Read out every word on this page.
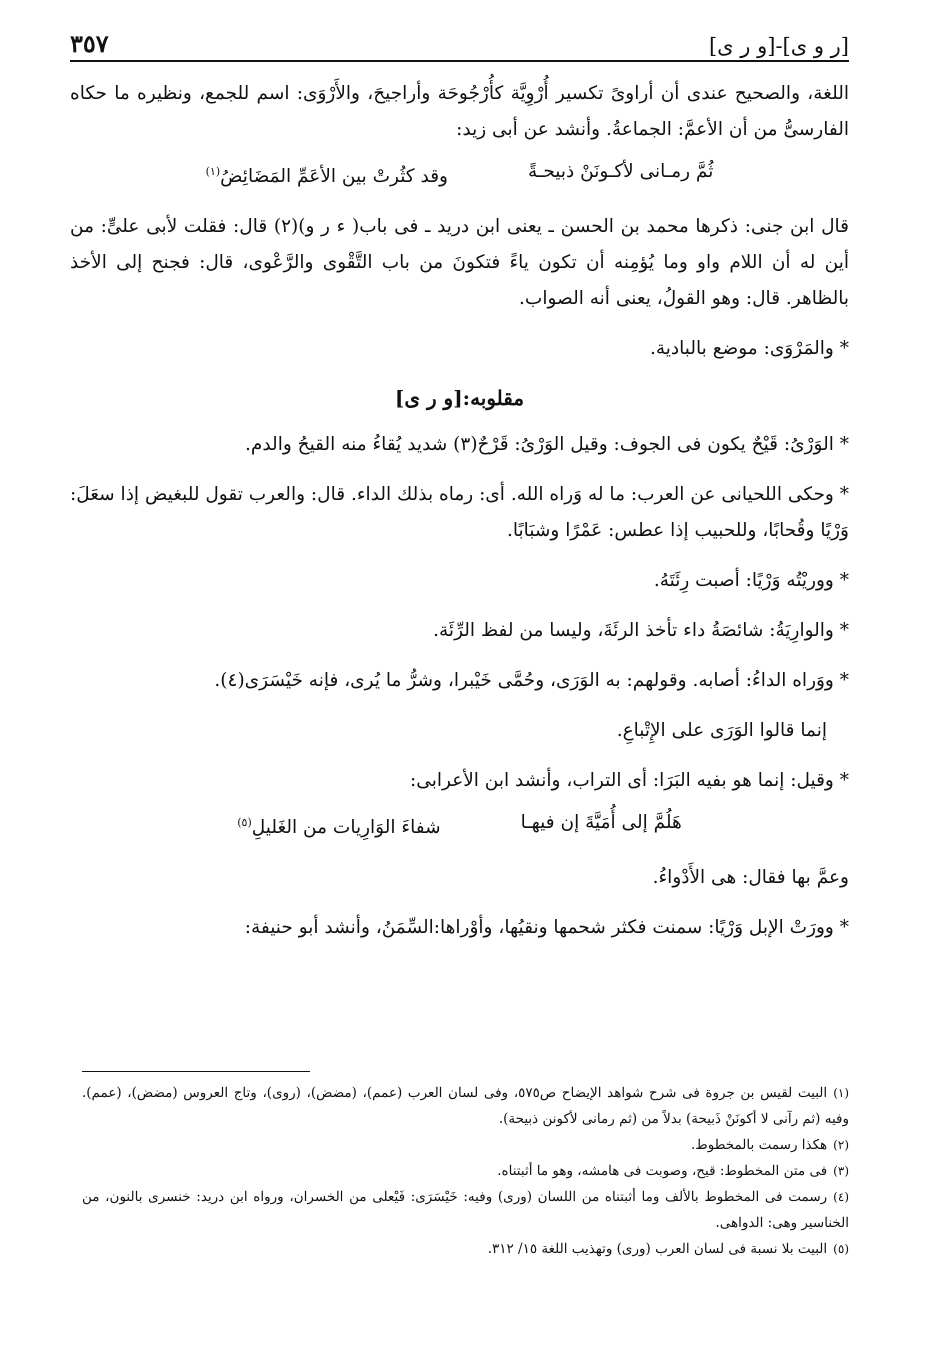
[ر و ى]-[و ر ى]
٣٥٧

اللغة، والصحيح عندى أن أراوىً تكسير أُرْوِيَّة كأُرْجُوحَة وأراجيحَ، والأَرْوَى: اسم للجمع، ونظيره ما حكاه الفارسىُّ من أن الأعمَّ: الجماعةُ. وأنشد عن أبى زيد:

ثُمَّ رمـانى لأكـونَنْ ذبيحـةً
وقد كثُرتْ بين الأعَمِّ المَضَائِضُ$^{(١)}$

قال ابن جنى: ذكرها محمد بن الحسن ـ يعنى ابن دريد ـ فى باب( ء ر و)(٢) قال: فقلت لأبى علىٍّ: من أين له أن اللام واو وما يُؤمِنه أن تكون ياءً فتكونَ من باب التَّقْوى والرَّعْوى، قال: فجنح إلى الأخذ بالظاهر. قال: وهو القولُ، يعنى أنه الصواب.

* والمَرْوَى: موضع بالبادية.

مقلوبه:[و ر ى]

* الوَرْىُ: قَيْحٌ يكون فى الجوف: وقيل الوَرْىُ: قَرْحٌ(٣) شديد يُقاءُ منه القيحُ والدم.

* وحكى اللحيانى عن العرب: ما له وَراه الله. أى: رماه بذلك الداء. قال: والعرب تقول للبغيض إذا سعَلَ: وَرْيًا وقُحابًا، وللحبيب إذا عطس: عَمْرًا وشبَابًا.

* ووريْتُه وَرْيًا: أصبت رِئَتَهُ.

* والوارِيَةُ: شائصَةُ داء تأخذ الرئَةَ، وليسا من لفظ الرِّئَة.

* ووَراه الداءُ: أصابه. وقولهم: به الوَرَى، وحُمَّى خَيْبرا، وشرُّ ما يُرى، فإنه خَيْسَرَى(٤).

إنما قالوا الوَرَى على الإِتْباعِ.

* وقيل: إنما هو بفيه البَرَا: أى التراب، وأنشد ابن الأعرابى:

هَلُمَّ إلى أُمَيَّةَ إن فيهـا
شفاءَ الوَارِيات من الغَليلِ$^{(٥)}$

وعمَّ بها فقال: هى الأَدْواءُ.

* وورَتْ الإبل وَرْيًا: سمنت فكثر شحمها ونقيُها، وأوْراها:السِّمَنُ، وأنشد أبو حنيفة:

(١)البيت لقيس بن جروة فى شرح شواهد الإيضاح ص٥٧٥، وفى لسان العرب (عمم)، (مضض)، (روى)، وتاج العروس (مضض)، (عمم). وفيه (ثم رآنى لا أكونَنْ ذَبيحة) بدلاً من (ثم رمانى لأكونن ذبيحة).

(٢)هكذا رسمت بالمخطوط.

(٣)فى متن المخطوط: قيح، وصوبت فى هامشه، وهو ما أثبتناه.

(٤)رسمت فى المخطوط بالألف وما أثبتناه من اللسان (ورى) وفيه: خَيْسَرَى: فَيْعلى من الخسران، ورواه ابن دريد: خنسرى بالنون، من الخناسير وهى: الدواهى.

(٥)البيت بلا نسبة فى لسان العرب (ورى) وتهذيب اللغة ١٥/ ٣١٢.
